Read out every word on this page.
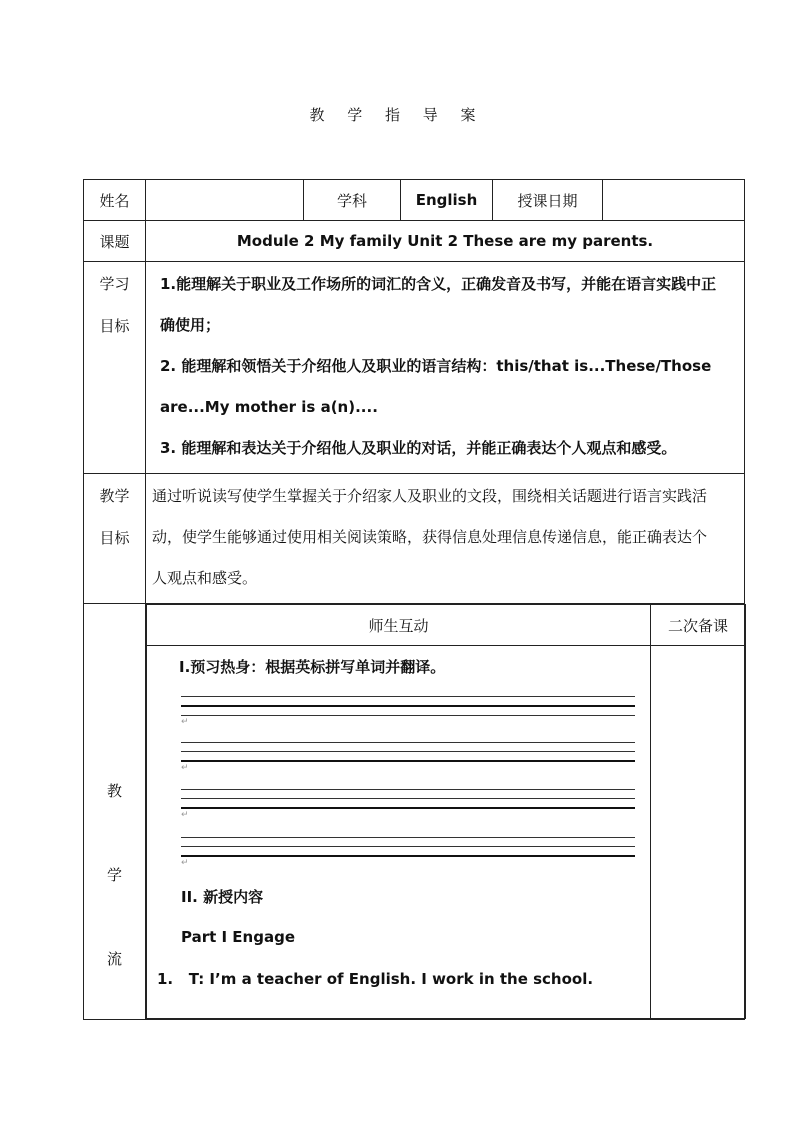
教 学 指 导 案
姓名		学科	English	授课日期	
课题	Module 2 My family Unit 2 These are my parents.

学习
目标

1.能理解关于职业及工作场所的词汇的含义，正确发音及书写，并能在语言实践中正
确使用；
2. 能理解和领悟关于介绍他人及职业的语言结构：this/that is...These/Those
are...My mother is a(n)....
3. 能理解和表达关于介绍他人及职业的对话，并能正确表达个人观点和感受。

教学
目标

通过听说读写使学生掌握关于介绍家人及职业的文段，围绕相关话题进行语言实践活
动，使学生能够通过使用相关阅读策略，获得信息处理信息传递信息，能正确表达个
人观点和感受。

教
学
流

师生互动	二次备课

I.预习热身：根据英标拼写单词并翻译。
↵
↵
↵
↵
II. 新授内容
Part I Engage
1.   T: I’m a teacher of English. I work in the school.
